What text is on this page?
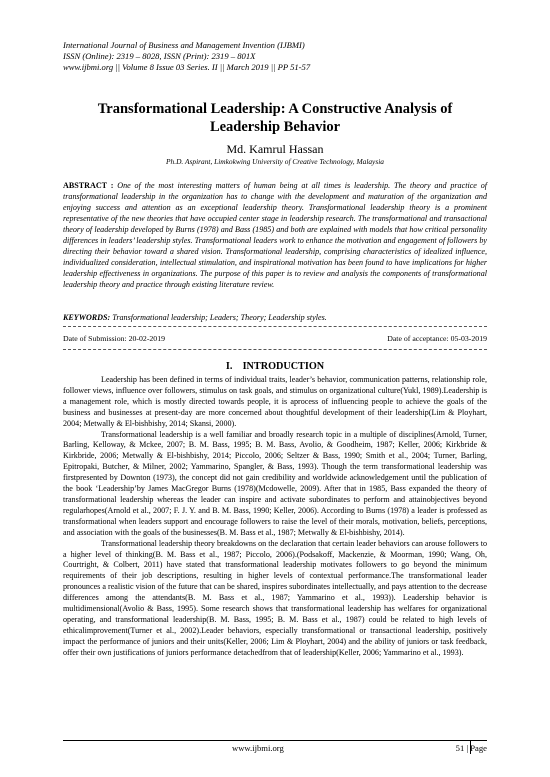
International Journal of Business and Management Invention (IJBMI)
ISSN (Online): 2319 – 8028, ISSN (Print): 2319 – 801X
www.ijbmi.org || Volume 8 Issue 03 Series. II || March 2019 || PP 51-57
Transformational Leadership: A Constructive Analysis of Leadership Behavior
Md. Kamrul Hassan
Ph.D. Aspirant, Limkokwing University of Creative Technology, Malaysia

ABSTRACT : One of the most interesting matters of human being at all times is leadership. The theory and practice of transformational leadership in the organization has to change with the development and maturation of the organization and enjoying success and attention as an exceptional leadership theory. Transformational leadership theory is a prominent representative of the new theories that have occupied center stage in leadership research. The transformational and transactional theory of leadership developed by Burns (1978) and Bass (1985) and both are explained with models that how critical personality differences in leaders’ leadership styles. Transformational leaders work to enhance the motivation and engagement of followers by directing their behavior toward a shared vision. Transformational leadership, comprising characteristics of idealized influence, individualized consideration, intellectual stimulation, and inspirational motivation has been found to have implications for higher leadership effectiveness in organizations. The purpose of this paper is to review and analysis the components of transformational leadership theory and practice through existing literature review.

KEYWORDS: Transformational leadership; Leaders; Theory; Leadership styles.
Date of Submission: 20-02-2019	Date of acceptance: 05-03-2019
I.    INTRODUCTION

Leadership has been defined in terms of individual traits, leader’s behavior, communication patterns, relationship role, follower views, influence over followers, stimulus on task goals, and stimulus on organizational culture(Yukl, 1989).Leadership is a management role, which is mostly directed towards people, it is aprocess of influencing people to achieve the goals of the business and businesses at present-day are more concerned about thoughtful development of their leadership(Lim & Ployhart, 2004; Metwally & El-bishbishy, 2014; Skansi, 2000).

Transformational leadership is a well familiar and broadly research topic in a multiple of disciplines(Arnold, Turner, Barling, Kelloway, & Mckee, 2007; B. M. Bass, 1995; B. M. Bass, Avolio, & Goodheim, 1987; Keller, 2006; Kirkbride & Kirkbride, 2006; Metwally & El-bishbishy, 2014; Piccolo, 2006; Seltzer & Bass, 1990; Smith et al., 2004; Turner, Barling, Epitropaki, Butcher, & Milner, 2002; Yammarino, Spangler, & Bass, 1993). Though the term transformational leadership was firstpresented by Downton (1973), the concept did not gain credibility and worldwide acknowledgement until the publication of the book ‘Leadership’by James MacGregor Burns (1978)(Mcdowelle, 2009). After that in 1985, Bass expanded the theory of transformational leadership whereas the leader can inspire and activate subordinates to perform and attainobjectives beyond regularhopes(Arnold et al., 2007; F. J. Y. and B. M. Bass, 1990; Keller, 2006). According to Burns (1978) a leader is professed as transformational when leaders support and encourage followers to raise the level of their morals, motivation, beliefs, perceptions, and association with the goals of the businesses(B. M. Bass et al., 1987; Metwally & El-bishbishy, 2014).

Transformational leadership theory breakdowns on the declaration that certain leader behaviors can arouse followers to a higher level of thinking(B. M. Bass et al., 1987; Piccolo, 2006).(Podsakoff, Mackenzie, & Moorman, 1990; Wang, Oh, Courtright, & Colbert, 2011) have stated that transformational leadership motivates followers to go beyond the minimum requirements of their job descriptions, resulting in higher levels of contextual performance.The transformational leader pronounces a realistic vision of the future that can be shared, inspires subordinates intellectually, and pays attention to the decrease differences among the attendants(B. M. Bass et al., 1987; Yammarino et al., 1993)). Leadership behavior is multidimensional(Avolio & Bass, 1995). Some research shows that transformational leadership has welfares for organizational operating, and transformational leadership(B. M. Bass, 1995; B. M. Bass et al., 1987) could be related to high levels of ethicalimprovement(Turner et al., 2002).Leader behaviors, especially transformational or transactional leadership, positively impact the performance of juniors and their units(Keller, 2006; Lim & Ployhart, 2004) and the ability of juniors or task feedback, offer their own justifications of juniors performance detachedfrom that of leadership(Keller, 2006; Yammarino et al., 1993).

www.ijbmi.org	51 | Page
